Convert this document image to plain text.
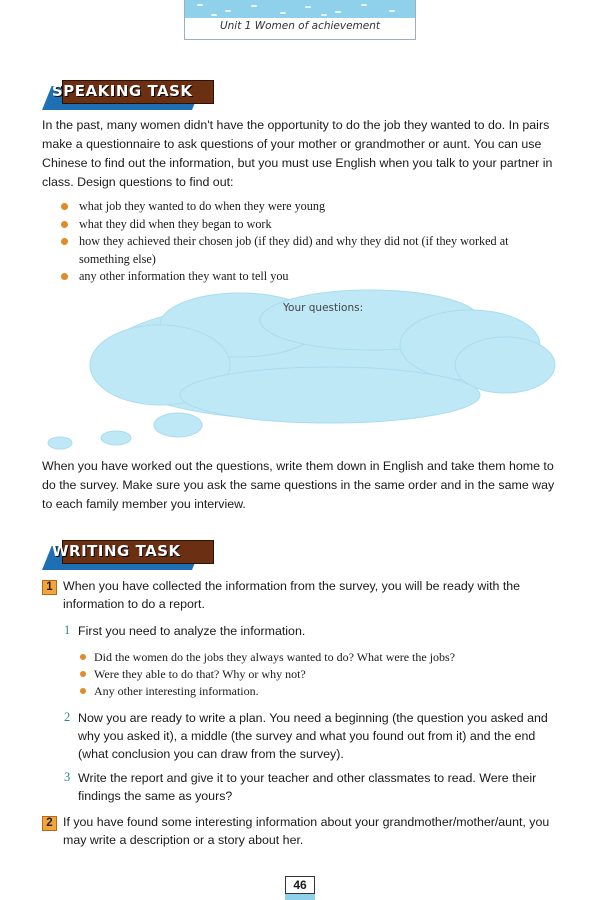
Unit 1 Women of achievement
SPEAKING TASK

In the past, many women didn't have the opportunity to do the job they wanted to do. In pairs make a questionnaire to ask questions of your mother or grandmother or aunt. You can use Chinese to find out the information, but you must use English when you talk to your partner in class. Design questions to find out:

what job they wanted to do when they were young
what they did when they began to work
how they achieved their chosen job (if they did) and why they did not (if they worked at something else)
any other information they want to tell you
Your questions:

When you have worked out the questions, write them down in English and take them home to do the survey. Make sure you ask the same questions in the same order and in the same way to each family member you interview.

WRITING TASK
1 When you have collected the information from the survey, you will be ready with the information to do a report.

1 First you need to analyze the information.

Did the women do the jobs they always wanted to do? What were the jobs?
Were they able to do that? Why or why not?
Any other interesting information.
2 Now you are ready to write a plan. You need a beginning (the question you asked and why you asked it), a middle (the survey and what you found out from it) and the end (what conclusion you can draw from the survey).

3 Write the report and give it to your teacher and other classmates to read. Were their findings the same as yours?

2 If you have found some interesting information about your grandmother/mother/aunt, you may write a description or a story about her.

46
